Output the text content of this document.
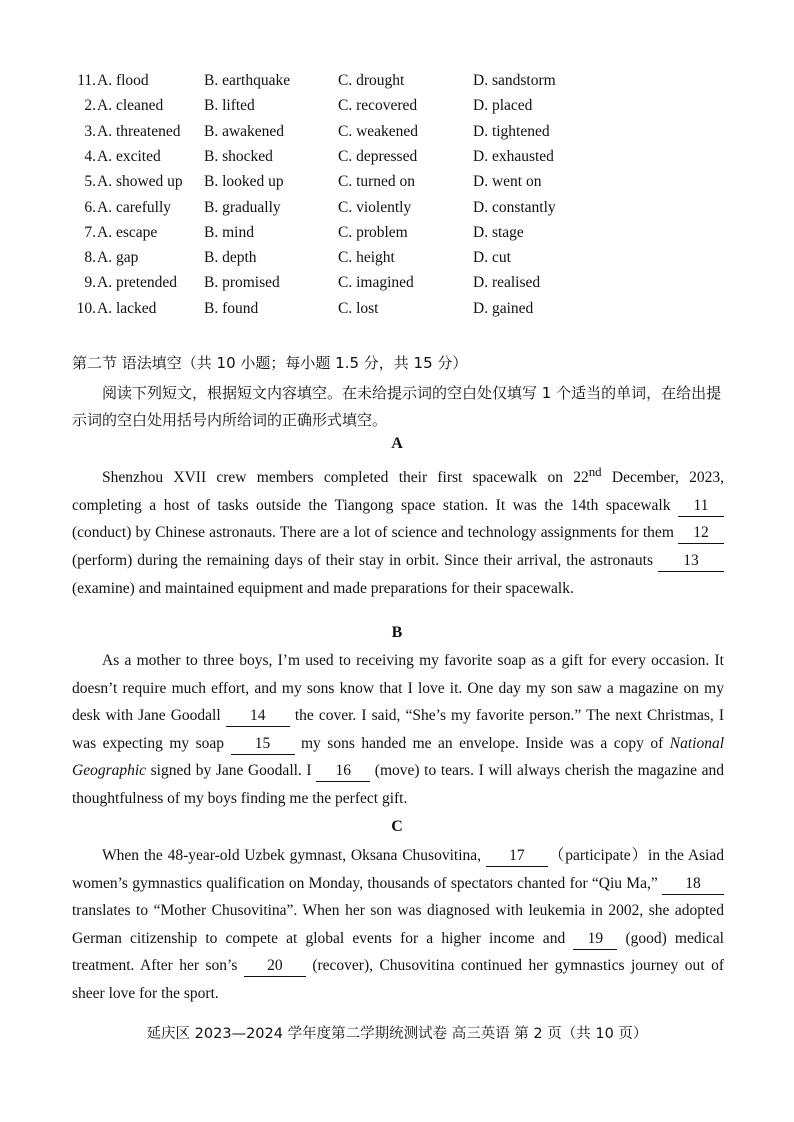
11. A. flood	B. earthquake	C. drought	D. sandstorm
2. A. cleaned	B. lifted	C. recovered	D. placed
3. A. threatened B. awakened	C. weakened	D. tightened
4. A. excited	B. shocked	C. depressed	D. exhausted
5. A. showed up B. looked up	C. turned on	D. went on
6. A. carefully B. gradually	C. violently	D. constantly
7. A. escape	B. mind	C. problem	D. stage
8. A. gap	B. depth	C. height	D. cut
9. A. pretended B. promised	C. imagined	D. realised
10. A. lacked	B. found	C. lost	D. gained
第二节 语法填空（共 10 小题；每小题 1.5 分，共 15 分）
阅读下列短文，根据短文内容填空。在未给提示词的空白处仅填写 1 个适当的单词，在给出提示词的空白处用括号内所给词的正确形式填空。
A
Shenzhou XVII crew members completed their first spacewalk on 22nd December, 2023, completing a host of tasks outside the Tiangong space station. It was the 14th spacewalk 11 (conduct) by Chinese astronauts. There are a lot of science and technology assignments for them 12 (perform) during the remaining days of their stay in orbit. Since their arrival, the astronauts 13 (examine) and maintained equipment and made preparations for their spacewalk.
B
As a mother to three boys, I’m used to receiving my favorite soap as a gift for every occasion. It doesn’t require much effort, and my sons know that I love it. One day my son saw a magazine on my desk with Jane Goodall 14 the cover. I said, “She’s my favorite person.” The next Christmas, I was expecting my soap 15 my sons handed me an envelope. Inside was a copy of National Geographic signed by Jane Goodall. I 16 (move) to tears. I will always cherish the magazine and thoughtfulness of my boys finding me the perfect gift.
C
When the 48-year-old Uzbek gymnast, Oksana Chusovitina, 17 （participate）in the Asiad women’s gymnastics qualification on Monday, thousands of spectators chanted for “Qiu Ma,” 18 translates to “Mother Chusovitina”. When her son was diagnosed with leukemia in 2002, she adopted German citizenship to compete at global events for a higher income and 19 (good) medical treatment. After her son’s 20 (recover), Chusovitina continued her gymnastics journey out of sheer love for the sport.
延庆区 2023—2024 学年度第二学期统测试卷 高三英语 第 2 页（共 10 页）
